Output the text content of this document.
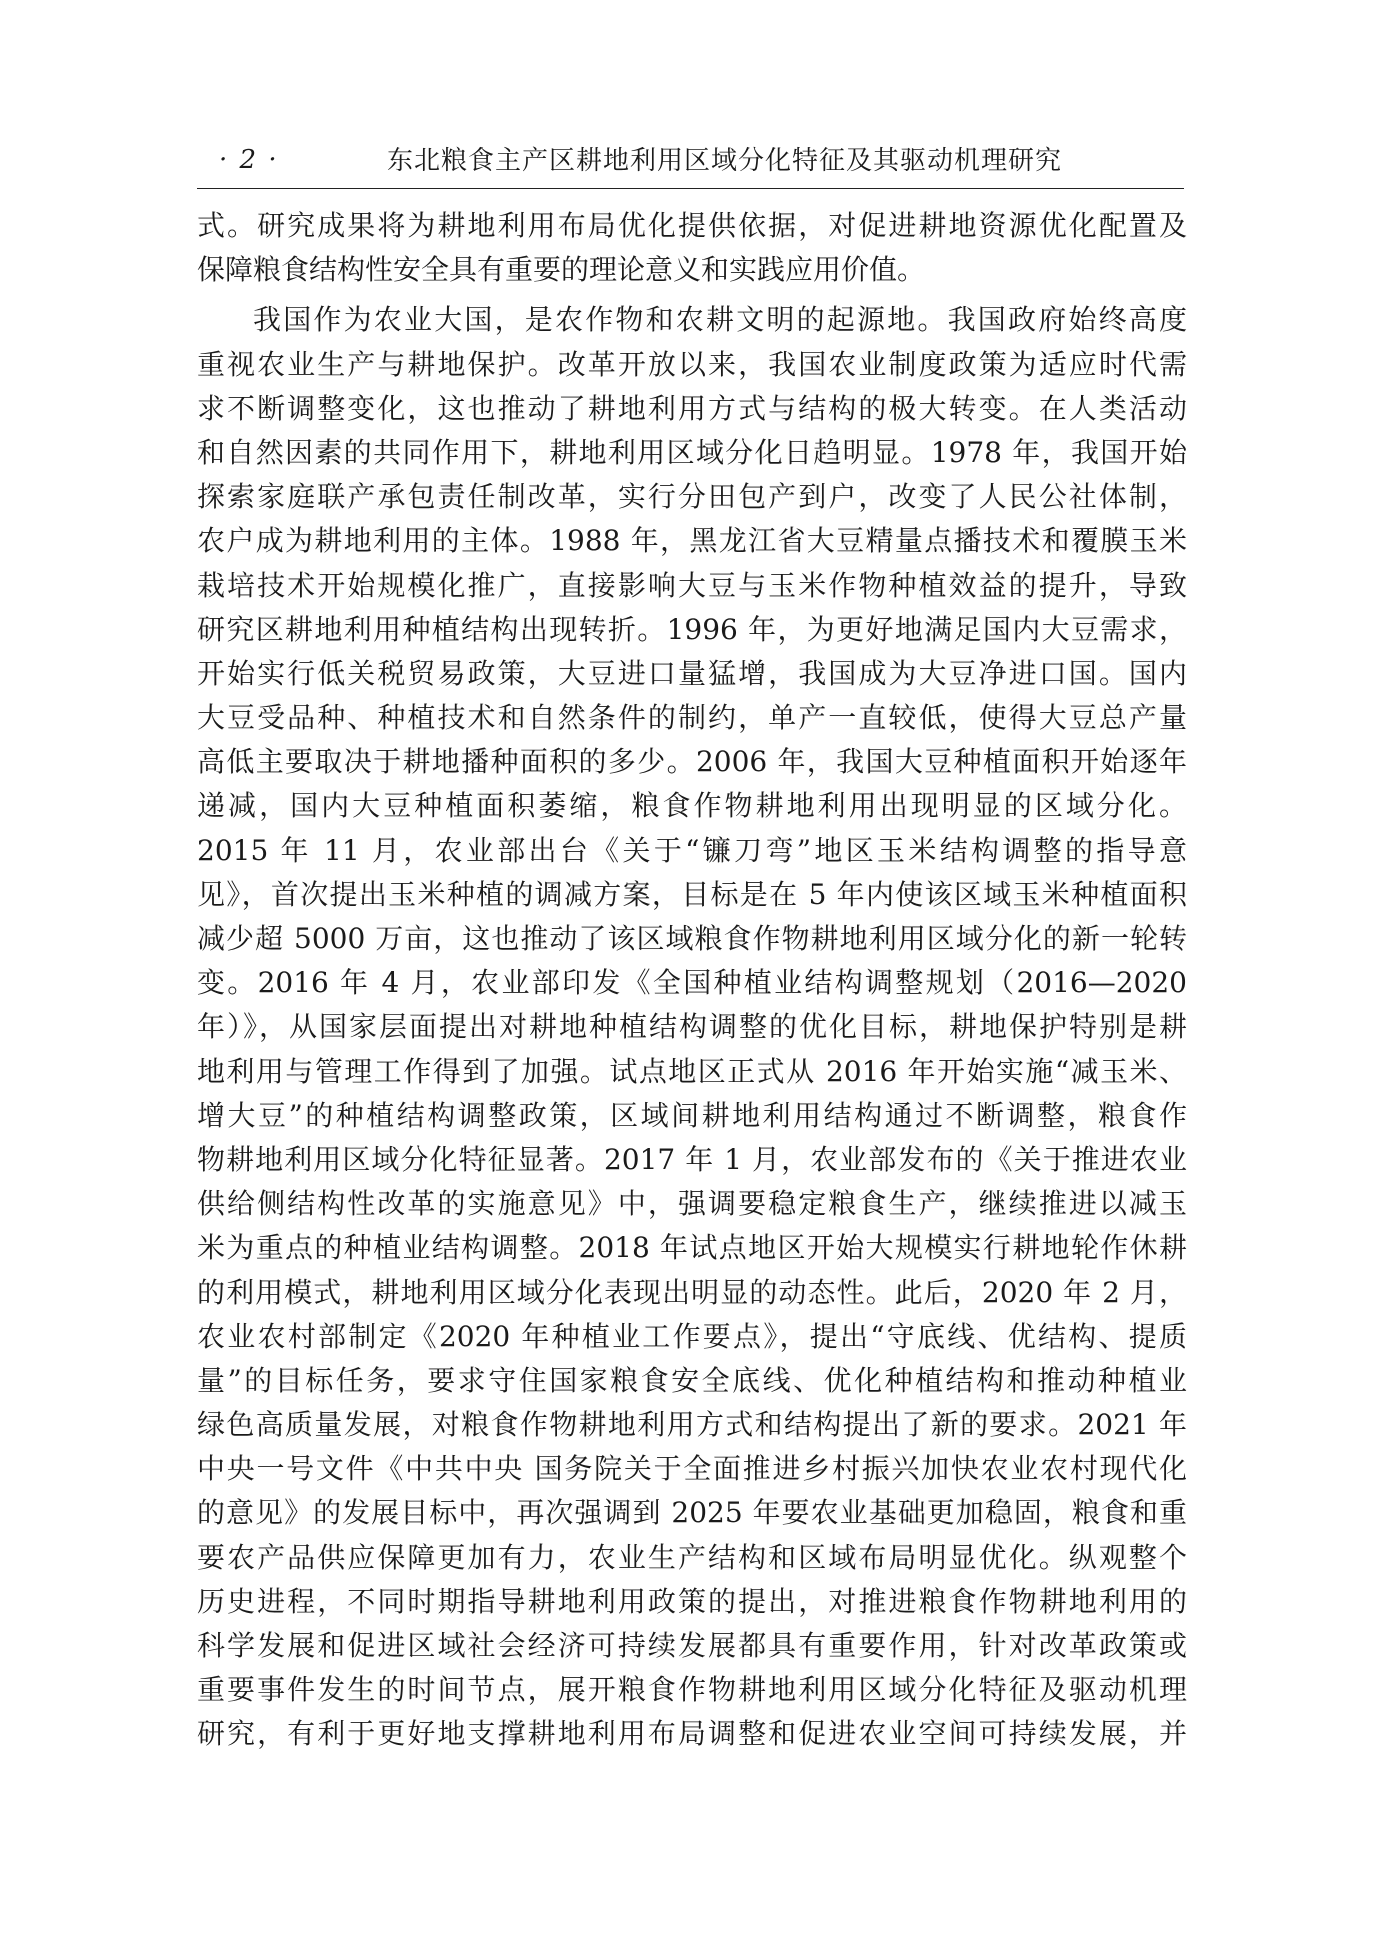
· 2 ·	东北粮食主产区耕地利用区域分化特征及其驱动机理研究
式。研究成果将为耕地利用布局优化提供依据，对促进耕地资源优化配置及
保障粮食结构性安全具有重要的理论意义和实践应用价值。
我国作为农业大国，是农作物和农耕文明的起源地。我国政府始终高度
重视农业生产与耕地保护。改革开放以来，我国农业制度政策为适应时代需
求不断调整变化，这也推动了耕地利用方式与结构的极大转变。在人类活动
和自然因素的共同作用下，耕地利用区域分化日趋明显。1978 年，我国开始
探索家庭联产承包责任制改革，实行分田包产到户，改变了人民公社体制，
农户成为耕地利用的主体。1988 年，黑龙江省大豆精量点播技术和覆膜玉米
栽培技术开始规模化推广，直接影响大豆与玉米作物种植效益的提升，导致
研究区耕地利用种植结构出现转折。1996 年，为更好地满足国内大豆需求，
开始实行低关税贸易政策，大豆进口量猛增，我国成为大豆净进口国。国内
大豆受品种、种植技术和自然条件的制约，单产一直较低，使得大豆总产量
高低主要取决于耕地播种面积的多少。2006 年，我国大豆种植面积开始逐年
递减，国内大豆种植面积萎缩，粮食作物耕地利用出现明显的区域分化。
2015 年 11 月，农业部出台《关于“镰刀弯”地区玉米结构调整的指导意
见》，首次提出玉米种植的调减方案，目标是在 5 年内使该区域玉米种植面积
减少超 5000 万亩，这也推动了该区域粮食作物耕地利用区域分化的新一轮转
变。2016 年 4 月，农业部印发《全国种植业结构调整规划（2016—2020
年）》，从国家层面提出对耕地种植结构调整的优化目标，耕地保护特别是耕
地利用与管理工作得到了加强。试点地区正式从 2016 年开始实施“减玉米、
增大豆”的种植结构调整政策，区域间耕地利用结构通过不断调整，粮食作
物耕地利用区域分化特征显著。2017 年 1 月，农业部发布的《关于推进农业
供给侧结构性改革的实施意见》中，强调要稳定粮食生产，继续推进以减玉
米为重点的种植业结构调整。2018 年试点地区开始大规模实行耕地轮作休耕
的利用模式，耕地利用区域分化表现出明显的动态性。此后，2020 年 2 月，
农业农村部制定《2020 年种植业工作要点》，提出“守底线、优结构、提质
量”的目标任务，要求守住国家粮食安全底线、优化种植结构和推动种植业
绿色高质量发展，对粮食作物耕地利用方式和结构提出了新的要求。2021 年
中央一号文件《中共中央 国务院关于全面推进乡村振兴加快农业农村现代化
的意见》的发展目标中，再次强调到 2025 年要农业基础更加稳固，粮食和重
要农产品供应保障更加有力，农业生产结构和区域布局明显优化。纵观整个
历史进程，不同时期指导耕地利用政策的提出，对推进粮食作物耕地利用的
科学发展和促进区域社会经济可持续发展都具有重要作用，针对改革政策或
重要事件发生的时间节点，展开粮食作物耕地利用区域分化特征及驱动机理
研究，有利于更好地支撑耕地利用布局调整和促进农业空间可持续发展，并
